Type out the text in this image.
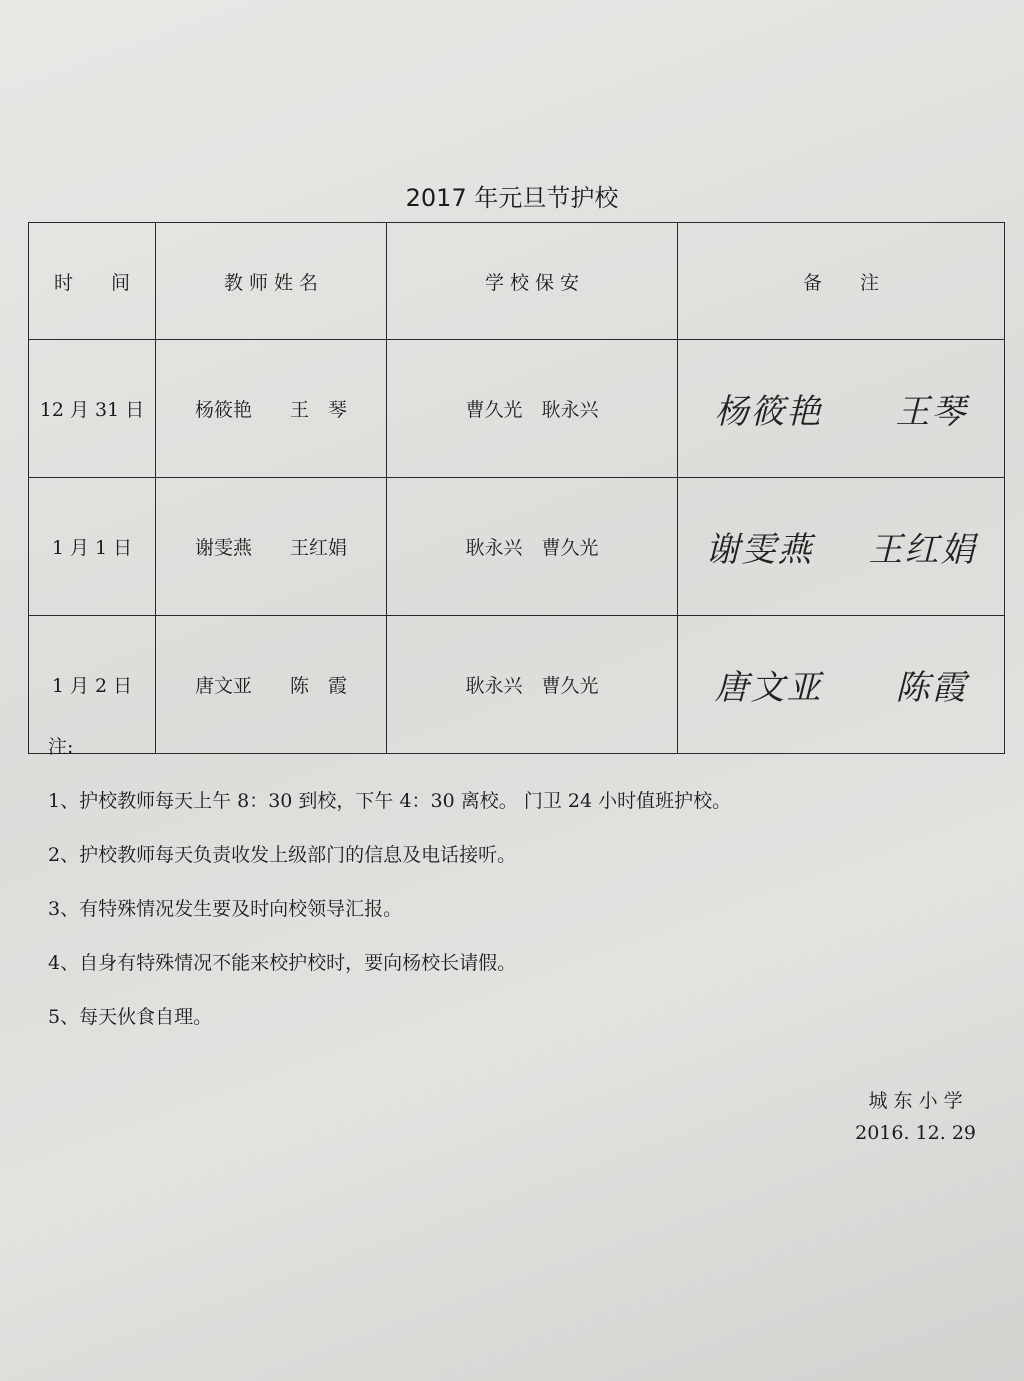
2017 年元旦节护校
时　　间	教 师 姓 名	学 校 保 安	备　　注
12 月 31 日	杨筱艳　　王　琴	曹久光　耿永兴	杨筱艳 王琴

1 月 1 日	谢雯燕　　王红娟	耿永兴　曹久光	谢雯燕 王红娟

1 月 2 日	唐文亚　　陈　霞	耿永兴　曹久光	唐文亚 陈霞

注:
1、护校教师每天上午 8：30 到校，下午 4：30 离校。 门卫 24 小时值班护校。
2、护校教师每天负责收发上级部门的信息及电话接听。
3、有特殊情况发生要及时向校领导汇报。
4、自身有特殊情况不能来校护校时，要向杨校长请假。
5、每天伙食自理。
城 东 小 学
2016. 12. 29
